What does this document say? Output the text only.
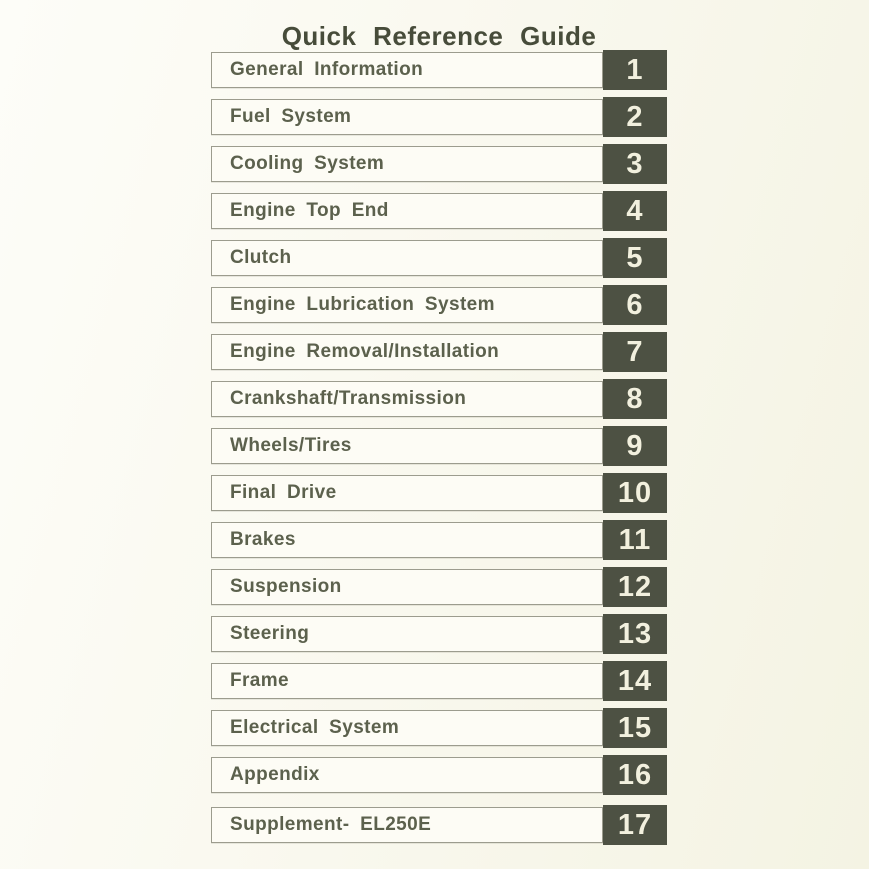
Quick Reference Guide
General Information	1
Fuel System	2
Cooling System	3
Engine Top End	4
Clutch	5
Engine Lubrication System	6
Engine Removal/Installation	7
Crankshaft/Transmission	8
Wheels/Tires	9
Final Drive	10
Brakes	11
Suspension	12
Steering	13
Frame	14
Electrical System	15
Appendix	16
Supplement- EL250E	17
